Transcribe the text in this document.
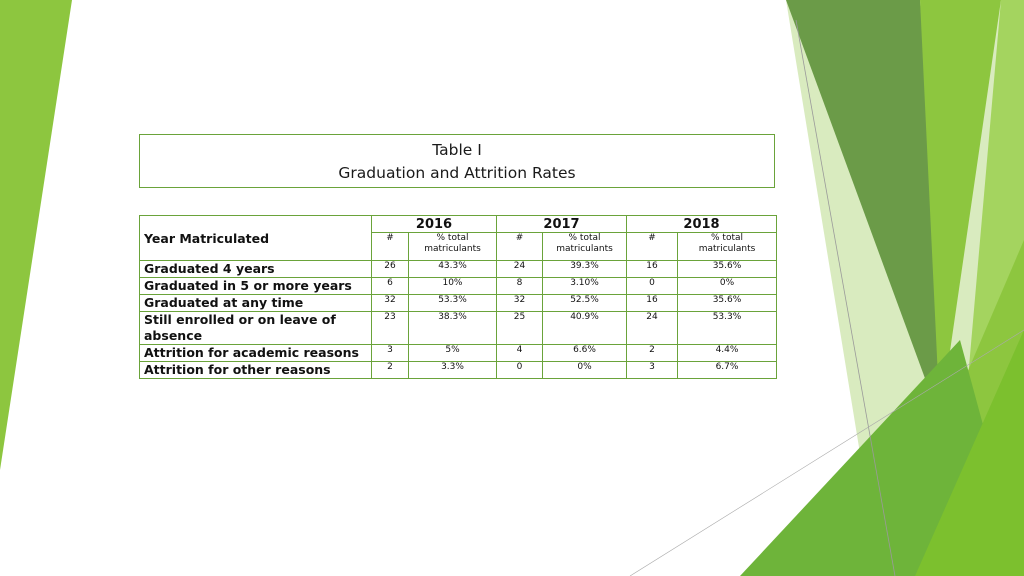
Table I
Graduation and Attrition Rates
Year Matriculated	2016		2017		2018	
	#	% total matriculants	#	% total matriculants	#	% total matriculants
Graduated 4 years	26	43.3%	24	39.3%	16	35.6%
Graduated in 5 or more years	6	10%	8	3.10%	0	0%
Graduated at any time	32	53.3%	32	52.5%	16	35.6%
Still enrolled or on leave of absence	23	38.3%	25	40.9%	24	53.3%
Attrition for academic reasons	3	5%	4	6.6%	2	4.4%
Attrition for other reasons	2	3.3%	0	0%	3	6.7%
